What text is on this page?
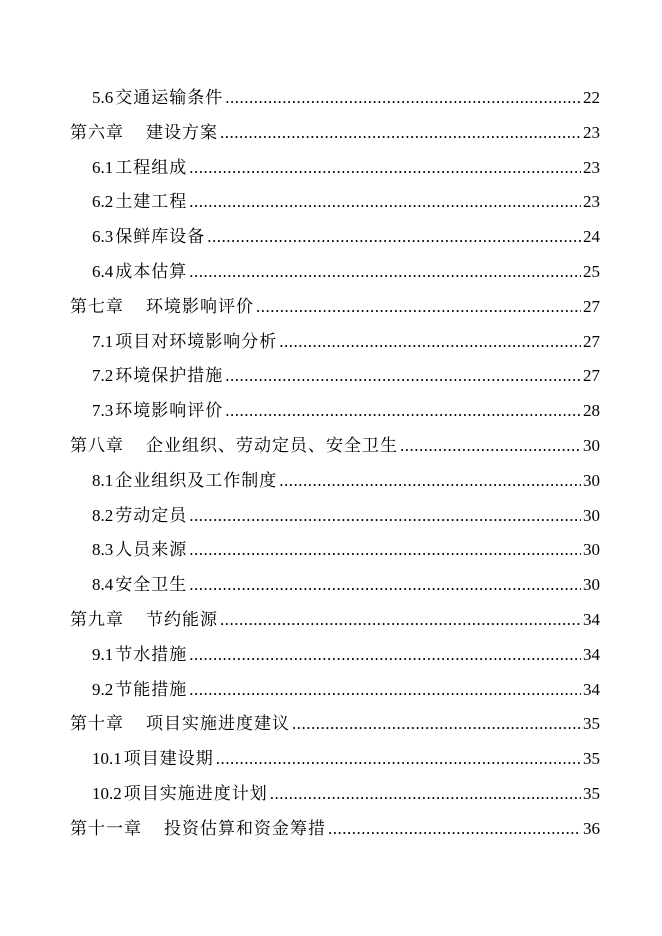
5.6 交通运输条件 .....	22
第六章 建设方案 .....	23
6.1 工程组成 .....	23
6.2 土建工程 .....	23
6.3 保鲜库设备 .....	24
6.4 成本估算 .....	25
第七章 环境影响评价 .....	27
7.1 项目对环境影响分析 .....	27
7.2 环境保护措施 .....	27
7.3 环境影响评价 .....	28
第八章 企业组织、劳动定员、安全卫生 .....	30
8.1 企业组织及工作制度 .....	30
8.2 劳动定员 .....	30
8.3 人员来源 .....	30
8.4 安全卫生 .....	30
第九章 节约能源 .....	34
9.1 节水措施 .....	34
9.2 节能措施 .....	34
第十章 项目实施进度建议 .....	35
10.1 项目建设期 .....	35
10.2 项目实施进度计划 .....	35
第十一章 投资估算和资金筹措 .....	36
